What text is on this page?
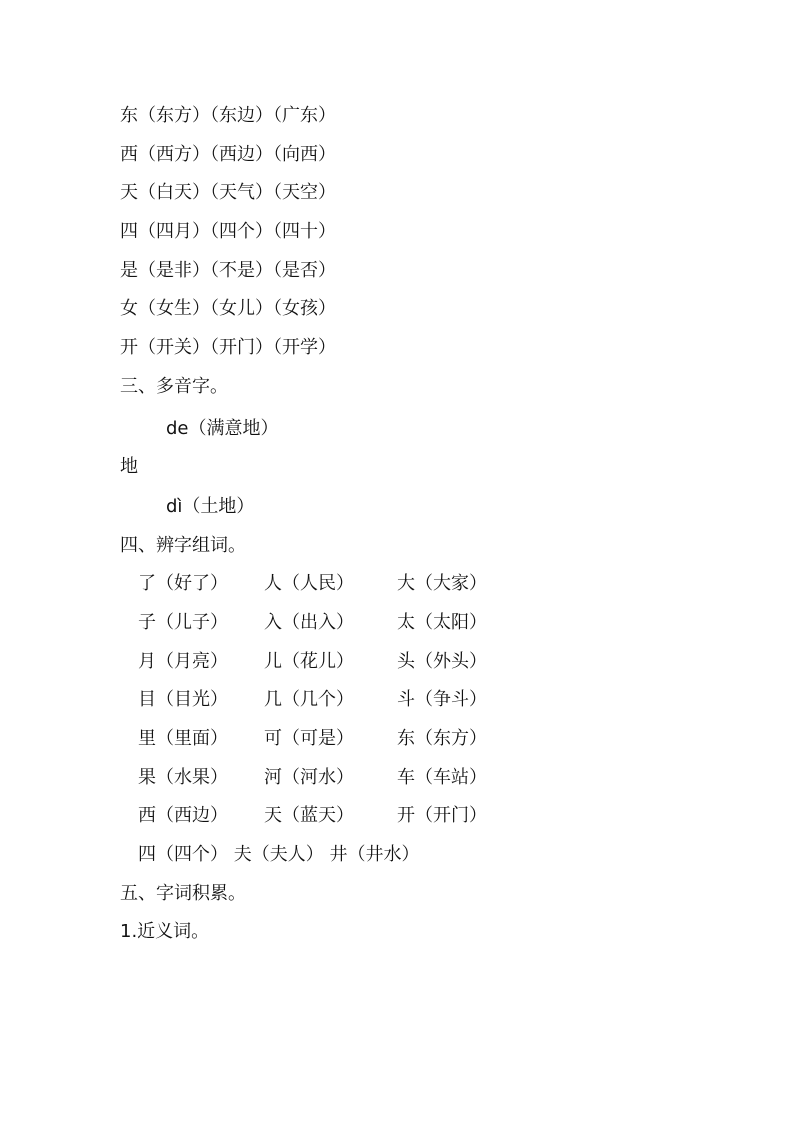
东（东方）（东边）（广东）
西（西方）（西边）（向西）
天（白天）（天气）（天空）
四（四月）（四个）（四十）
是（是非）（不是）（是否）
女（女生）（女儿）（女孩）
开（开关）（开门）（开学）
三、多音字。
de（满意地）
地
dì（土地）
四、辨字组词。
了（好了） 人（人民） 大（大家）
子（儿子） 入（出入） 太（太阳）
月（月亮） 儿（花儿） 头（外头）
目（目光） 几（几个） 斗（争斗）
里（里面） 可（可是） 东（东方）
果（水果） 河（河水） 车（车站）
西（西边） 天（蓝天） 开（开门）
四（四个） 夫（夫人） 井（井水）
五、字词积累。
1.近义词。
